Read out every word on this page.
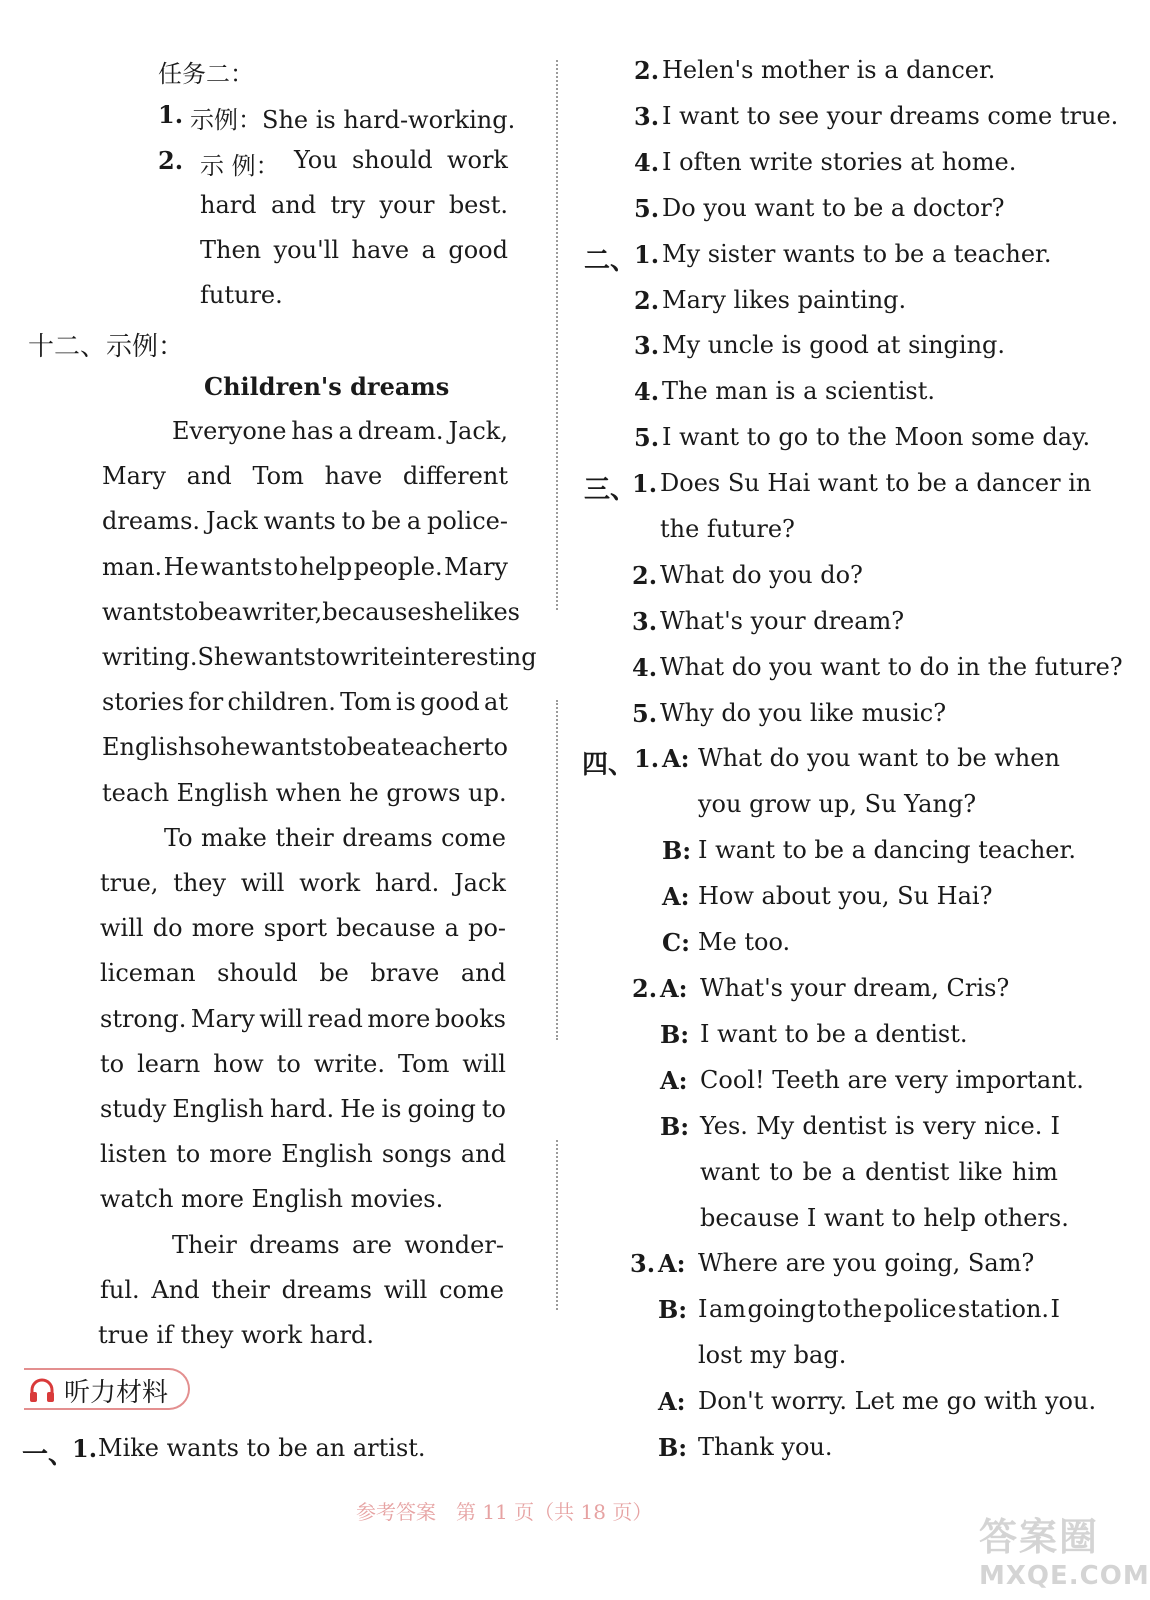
任务二：
1. 示例：She is hard-working.
2. 示 例： You should work
hard and try your best.
Then you'll have a good
future.
十二、示例：
Children's dreams
Everyone has a dream. Jack,
Mary and Tom have different
dreams. Jack wants to be a police-
man. He wants to help people. Mary
wants to be a writer, because she likes
writing. She wants to write interesting
stories for children. Tom is good at
English so he wants to be a teacher to
teach English when he grows up.
To make their dreams come
true, they will work hard. Jack
will do more sport because a po-
liceman should be brave and
strong. Mary will read more books
to learn how to write. Tom will
study English hard. He is going to
listen to more English songs and
watch more English movies.
Their dreams are wonder-
ful. And their dreams will come
true if they work hard.
一、
1. Mike wants to be an artist.
2. Helen's mother is a dancer.
3. I want to see your dreams come true.
4. I often write stories at home.
5. Do you want to be a doctor?
二、
1. My sister wants to be a teacher.
2. Mary likes painting.
3. My uncle is good at singing.
4. The man is a scientist.
5. I want to go to the Moon some day.
三、
1. Does Su Hai want to be a dancer in
the future?
2. What do you do?
3. What's your dream?
4. What do you want to do in the future?
5. Why do you like music?
四、 1. A: What do you want to be when
you grow up, Su Yang?
B: I want to be a dancing teacher.
A: How about you, Su Hai?
C: Me too.
2. A: What's your dream, Cris?
B: I want to be a dentist.
A: Cool! Teeth are very important.
B: Yes. My dentist is very nice. I
want to be a dentist like him
because I want to help others.
3. A: Where are you going, Sam?
B: I am going to the police station. I
lost my bag.
A: Don't worry. Let me go with you.
B: Thank you.
听力材料
参考答案　第 11 页（共 18 页）
答案圈
MXQE.COM
